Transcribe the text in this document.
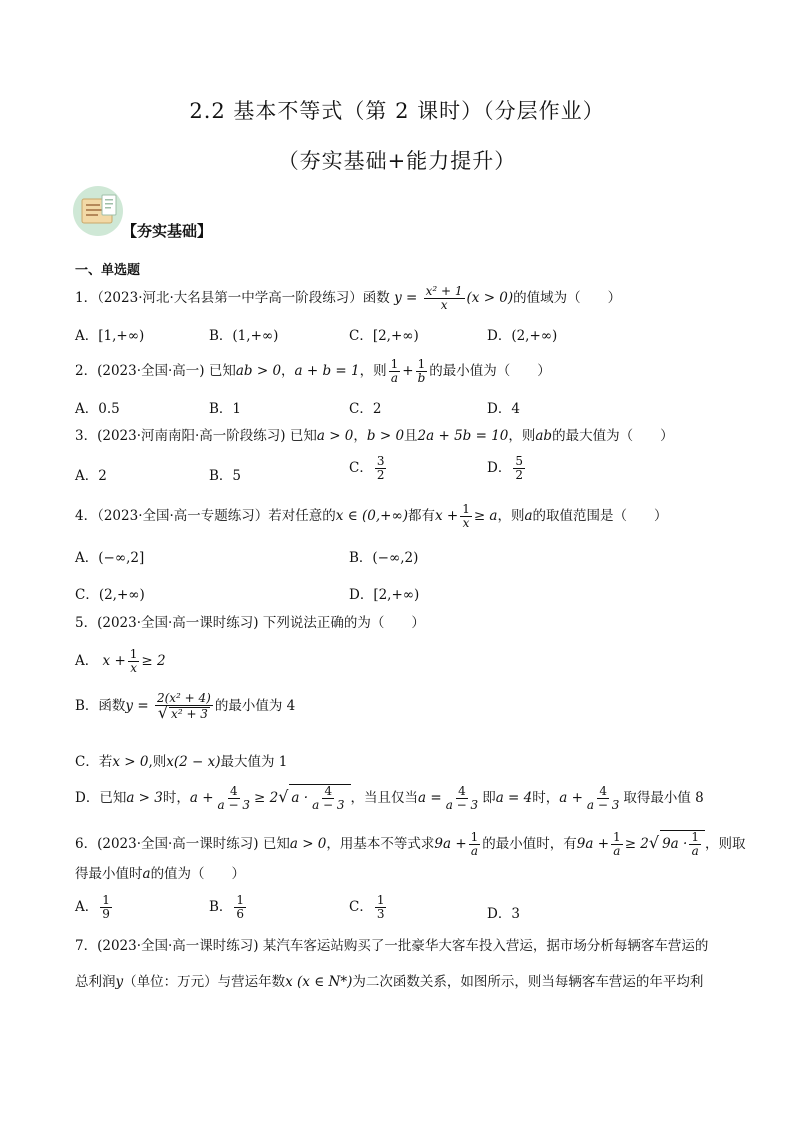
2.2 基本不等式（第 2 课时）（分层作业）
（夯实基础+能力提升）
【夯实基础】
一、单选题
1．（2023·河北·大名县第一中学高一阶段练习）函数 $y = \frac{\text{x² + 1}}{x} (x > 0)$的值域为（　　）
A．[1,+∞)	B．(1,+∞)	C．[2,+∞)	D．(2,+∞)
2．(2023·全国·高一) 已知ab > 0，a + b = 1，则 $\frac{1}{a} + \frac{1}{b}$ 的最小值为（　　）
A．0.5	B．1	C．2	D．4
3．(2023·河南南阳·高一阶段练习) 已知a > 0，b > 0且2a + 5b = 10，则ab的最大值为（　　）
A．2	B．5	C． $\frac{3}{2}$	D． $\frac{5}{2}$
4．（2023·全国·高一专题练习）若对任意的x ∈ (0,+∞)都有$x + \frac{1}{x} \ge a$，则a的取值范围是（　　）
A．(−∞,2]	B．(−∞,2)
C．(2,+∞)	D．[2,+∞)
5．(2023·全国·高一课时练习) 下列说法正确的为（　　）
A． $x + \frac{1}{x} \ge 2$
B．函数$y = \frac{\text{2(x² + 4)}}{\text{√ x² + 3}}$ 的最小值为 4
C．若x > 0,则x(2 − x)最大值为 1
D．已知a > 3时，$a + \frac{4}{a - 3} \ge 2√$ $a \cdot \frac{4}{a - 3}$ ，当且仅当$a = \frac{4}{a - 3}$ 即a = 4时，$a + \frac{4}{a - 3}$ 取得最小值 8
6．(2023·全国·高一课时练习) 已知a > 0，用基本不等式求$9a + \frac{1}{a}$ 的最小值时，有$9a + \frac{1}{a} \ge 2√$ $9a \cdot \frac{1}{a}$ ，则取
得最小值时a的值为（　　）
A． $\frac{1}{9}$	B． $\frac{1}{6}$	C． $\frac{1}{3}$	D．3
7．(2023·全国·高一课时练习) 某汽车客运站购买了一批豪华大客车投入营运，据市场分析每辆客车营运的
总利润y（单位：万元）与营运年数x (x ∈ N*)为二次函数关系，如图所示，则当每辆客车营运的年平均利
